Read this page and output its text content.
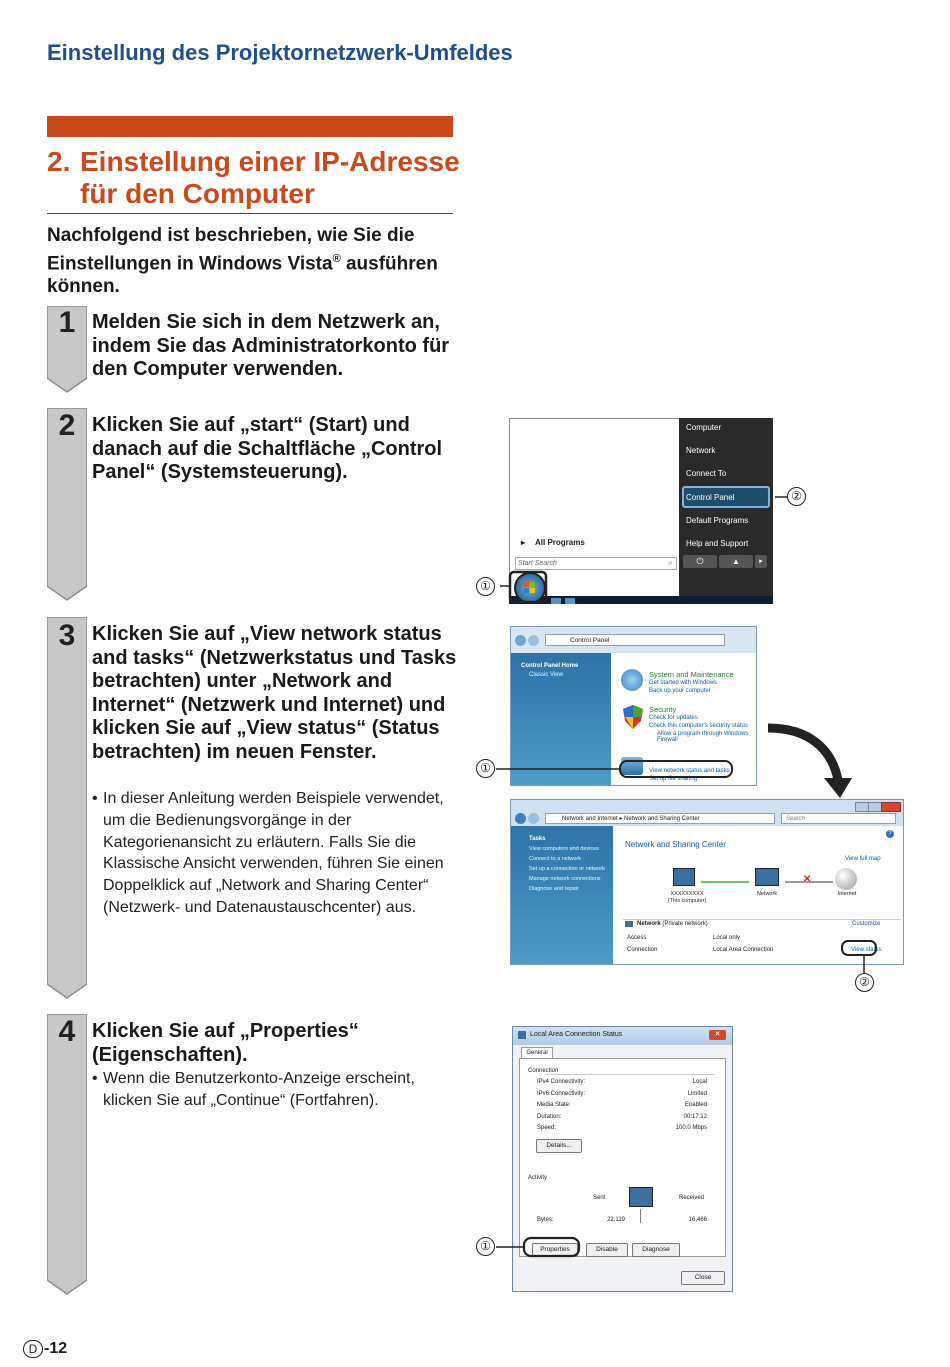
Einstellung des Projektornetzwerk-Umfeldes
2. Einstellung einer IP-Adresse für den Computer
Nachfolgend ist beschrieben, wie Sie die Einstellungen in Windows Vista® ausführen können.
1 Melden Sie sich in dem Netzwerk an, indem Sie das Administratorkonto für den Computer verwenden.
2 Klicken Sie auf „start“ (Start) und danach auf die Schaltfläche „Control Panel“ (Systemsteuerung).
3 Klicken Sie auf „View network status and tasks“ (Netzwerkstatus und Tasks betrachten) unter „Network and Internet“ (Netzwerk und Internet) und klicken Sie auf „View status“ (Status betrachten) im neuen Fenster.
• In dieser Anleitung werden Beispiele verwendet, um die Bedienungsvorgänge in der Kategorienansicht zu erläutern. Falls Sie die Klassische Ansicht verwenden, führen Sie einen Doppelklick auf „Network and Sharing Center“ (Netzwerk- und Datenaustauschcenter) aus.
4 Klicken Sie auf „Properties“ (Eigenschaften).
• Wenn die Benutzerkonto-Anzeige erscheint, klicken Sie auf „Continue“ (Fortfahren).
Computer
Network
Connect To
Control Panel
Default Programs
Help and Support
▸ All Programs
Start Search	⌕	⏻	▲	▸
②
①
Control Panel
Control Panel Home
Classic View	System and Maintenance
Get started with Windows
Back up your computer
Security
Check for updates
Check this computer's security status
Allow a program through Windows Firewall
View network status and tasks
Set up file sharing
①
Network and Internet ▸ Network and Sharing Center	Search
Tasks
View computers and devices
Connect to a network
Set up a connection or network
Manage network connections
Diagnose and repair
Network and Sharing Center
?
View full map
XXXXXXXXX
(This computer)
Network
✕
Internet
Network (Private network)	Customize
Access	Local only
Connection	Local Area Connection	View status
②
Local Area Connection Status	✕
General
Connection
IPv4 Connectivity:	Local
IPv6 Connectivity:	Limited
Media State:	Enabled
Duration:	00:17:12
Speed:	100.0 Mbps
Details...
Activity
Sent	Received
Bytes:	22,119	16,466
Properties	Disable	Diagnose
Close
①
D -12
